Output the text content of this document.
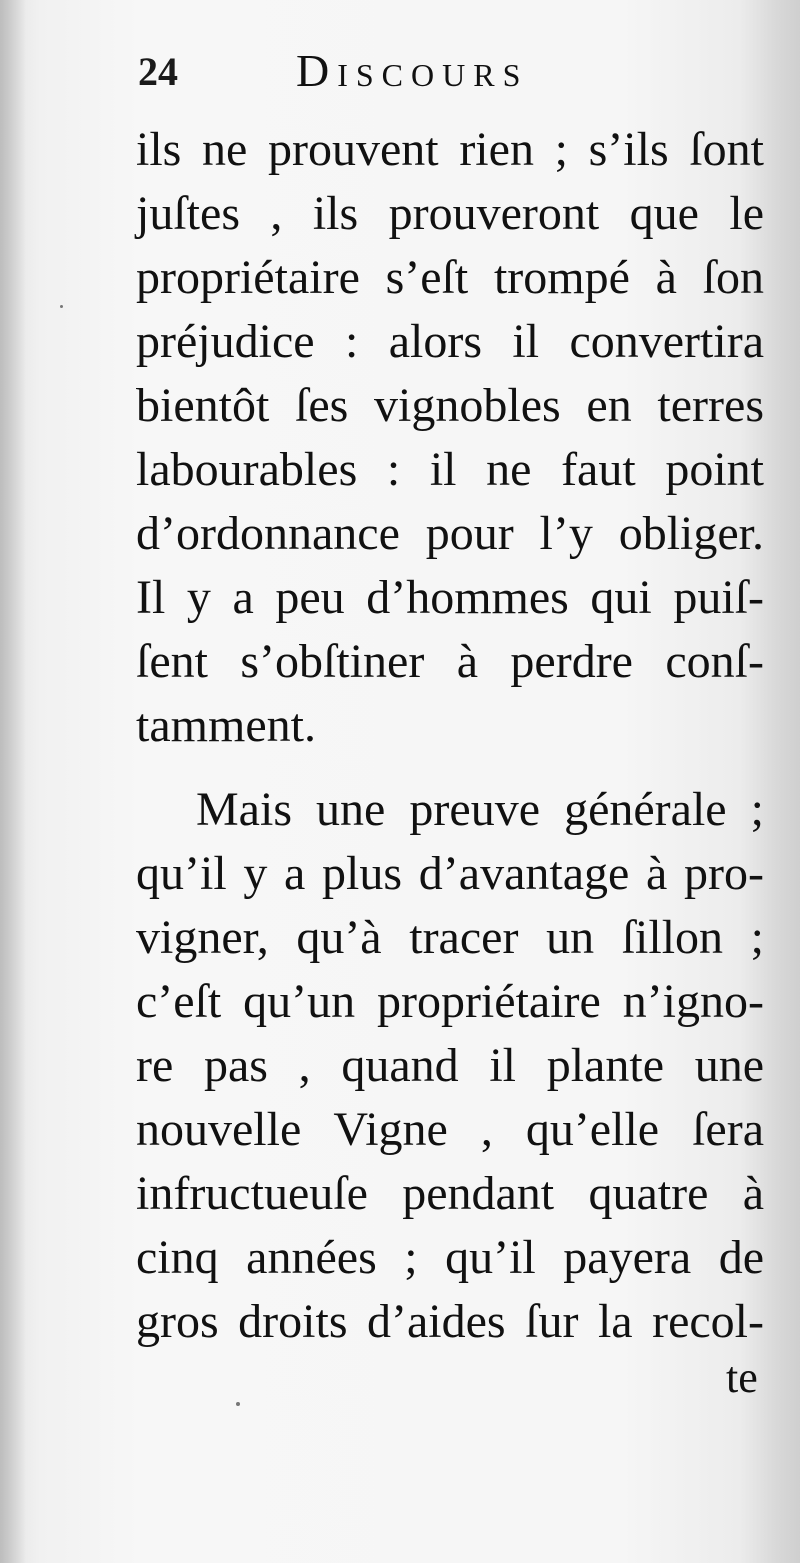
24	Discours
ils ne prouvent rien ; s’ils ſont
juſtes , ils prouveront que le
propriétaire s’eſt trompé à ſon
préjudice : alors il convertira
bientôt ſes vignobles en terres
labourables : il ne faut point
d’ordonnance pour l’y obliger.
Il y a peu d’hommes qui puiſ-
ſent s’obſtiner à perdre conſ-
tamment.
Mais une preuve générale ;
qu’il y a plus d’avantage à pro-
vigner, qu’à tracer un ſillon ;
c’eſt qu’un propriétaire n’igno-
re pas , quand il plante une
nouvelle Vigne , qu’elle ſera
infructueuſe pendant quatre à
cinq années ; qu’il payera de
gros droits d’aides ſur la recol-
te
